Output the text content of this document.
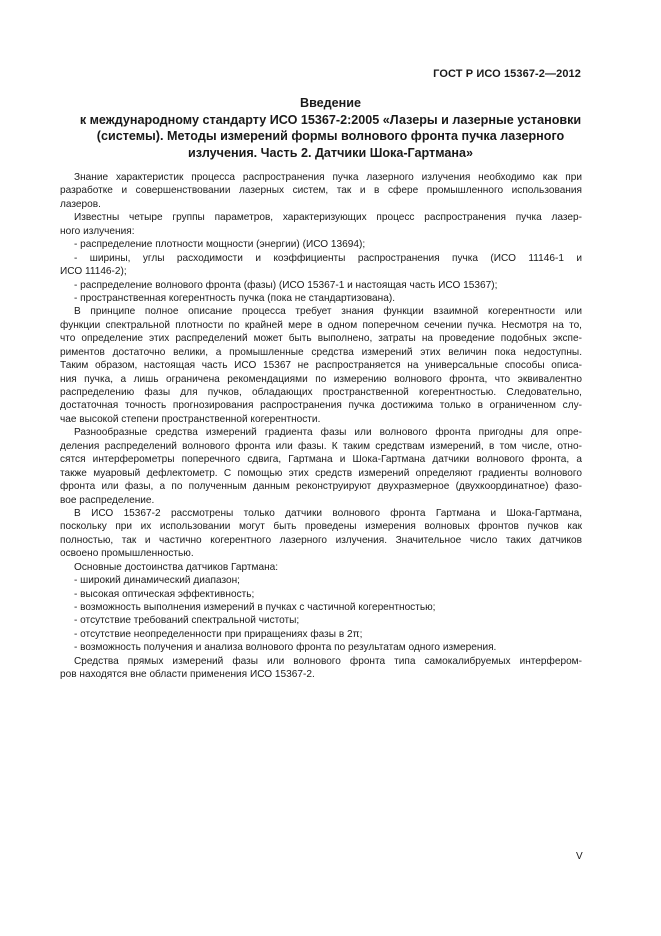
ГОСТ Р ИСО 15367-2—2012
Введение
к международному стандарту ИСО 15367-2:2005 «Лазеры и лазерные установки
(системы). Методы измерений формы волнового фронта пучка лазерного
излучения. Часть 2. Датчики Шока-Гартмана»
Знание характеристик процесса распространения пучка лазерного излучения необходимо как при
разработке и совершенствовании лазерных систем, так и в сфере промышленного использования
лазеров.
Известны четыре группы параметров, характеризующих процесс распространения пучка лазер-
ного излучения:
- распределение плотности мощности (энергии) (ИСО 13694);
- ширины, углы расходимости и коэффициенты распространения пучка (ИСО 11146-1 и
ИСО 11146-2);
- распределение волнового фронта (фазы) (ИСО 15367-1 и настоящая часть ИСО 15367);
- пространственная когерентность пучка (пока не стандартизована).
В принципе полное описание процесса требует знания функции взаимной когерентности или
функции спектральной плотности по крайней мере в одном поперечном сечении пучка. Несмотря на то,
что определение этих распределений может быть выполнено, затраты на проведение подобных экспе-
риментов достаточно велики, а промышленные средства измерений этих величин пока недоступны.
Таким образом, настоящая часть ИСО 15367 не распространяется на универсальные способы описа-
ния пучка, а лишь ограничена рекомендациями по измерению волнового фронта, что эквивалентно
распределению фазы для пучков, обладающих пространственной когерентностью. Следовательно,
достаточная точность прогнозирования распространения пучка достижима только в ограниченном слу-
чае высокой степени пространственной когерентности.
Разнообразные средства измерений градиента фазы или волнового фронта пригодны для опре-
деления распределений волнового фронта или фазы. К таким средствам измерений, в том числе, отно-
сятся интерферометры поперечного сдвига, Гартмана и Шока-Гартмана датчики волнового фронта, а
также муаровый дефлектометр. С помощью этих средств измерений определяют градиенты волнового
фронта или фазы, а по полученным данным реконструируют двухразмерное (двухкоординатное) фазо-
вое распределение.
В ИСО 15367-2 рассмотрены только датчики волнового фронта Гартмана и Шока-Гартмана,
поскольку при их использовании могут быть проведены измерения волновых фронтов пучков как
полностью, так и частично когерентного лазерного излучения. Значительное число таких датчиков
освоено промышленностью.
Основные достоинства датчиков Гартмана:
- широкий динамический диапазон;
- высокая оптическая эффективность;
- возможность выполнения измерений в пучках с частичной когерентностью;
- отсутствие требований спектральной чистоты;
- отсутствие неопределенности при приращениях фазы в 2π;
- возможность получения и анализа волнового фронта по результатам одного измерения.
Средства прямых измерений фазы или волнового фронта типа самокалибруемых интерфером-
ров находятся вне области применения ИСО 15367-2.
V
